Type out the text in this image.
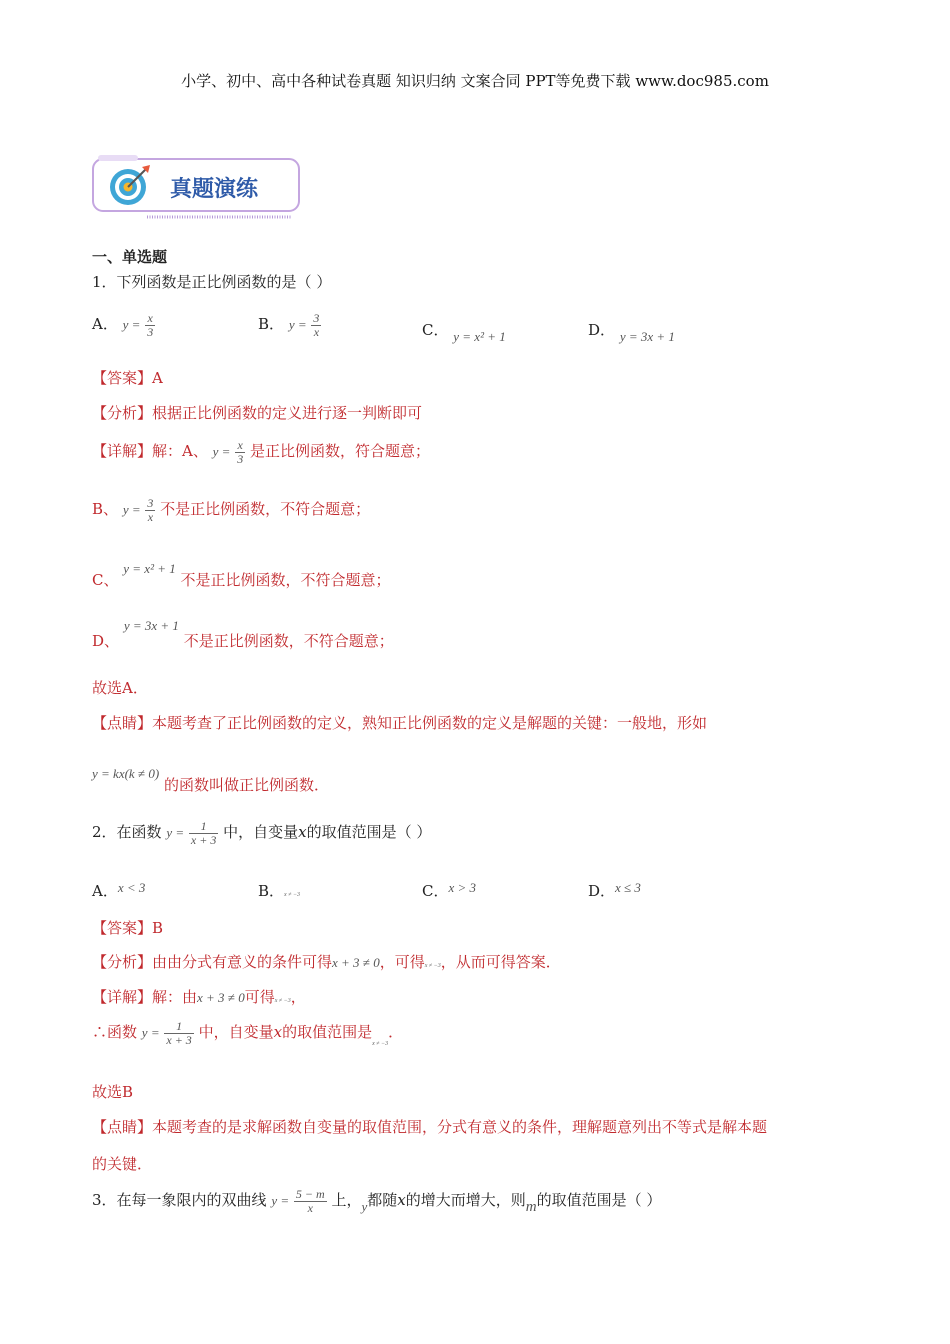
小学、初中、高中各种试卷真题 知识归纳 文案合同 PPT等免费下载 www.doc985.com
真题演练
一、单选题
1．下列函数是正比例函数的是（ ）
A． $y = \frac{x}{3}$	B． $y = \frac{3}{x}$	C． y = x² + 1	D． y = 3x + 1
【答案】A
【分析】根据正比例函数的定义进行逐一判断即可
【详解】解：A、 $y = \frac{x}{3}$ 是正比例函数，符合题意；
B、 $y = \frac{3}{x}$ 不是正比例函数，不符合题意；
C、 y = x² + 1 不是正比例函数，不符合题意；
D、 y = 3x + 1 不是正比例函数，不符合题意；
故选A．
【点睛】本题考查了正比例函数的定义，熟知正比例函数的定义是解题的关键：一般地，形如
y = kx(k ≠ 0) 的函数叫做正比例函数．
2．在函数 $y = \frac{1}{x + 3}$ 中，自变量x的取值范围是（ ）
A．x < 3	B．x ≠ −3	C．x > 3	D．x ≤ 3
【答案】B
【分析】由由分式有意义的条件可得x + 3 ≠ 0，可得x ≠ −3，从而可得答案．
【详解】解：由x + 3 ≠ 0可得x ≠ −3，
∴函数 $y = \frac{1}{x + 3}$ 中，自变量x的取值范围是$_{x \ne -3}$．
故选B
【点睛】本题考查的是求解函数自变量的取值范围，分式有意义的条件，理解题意列出不等式是解本题
的关键．
3．在每一象限内的双曲线 $y = \frac{5 - m}{x}$ 上，y都随x的增大而增大，则m的取值范围是（ ）
